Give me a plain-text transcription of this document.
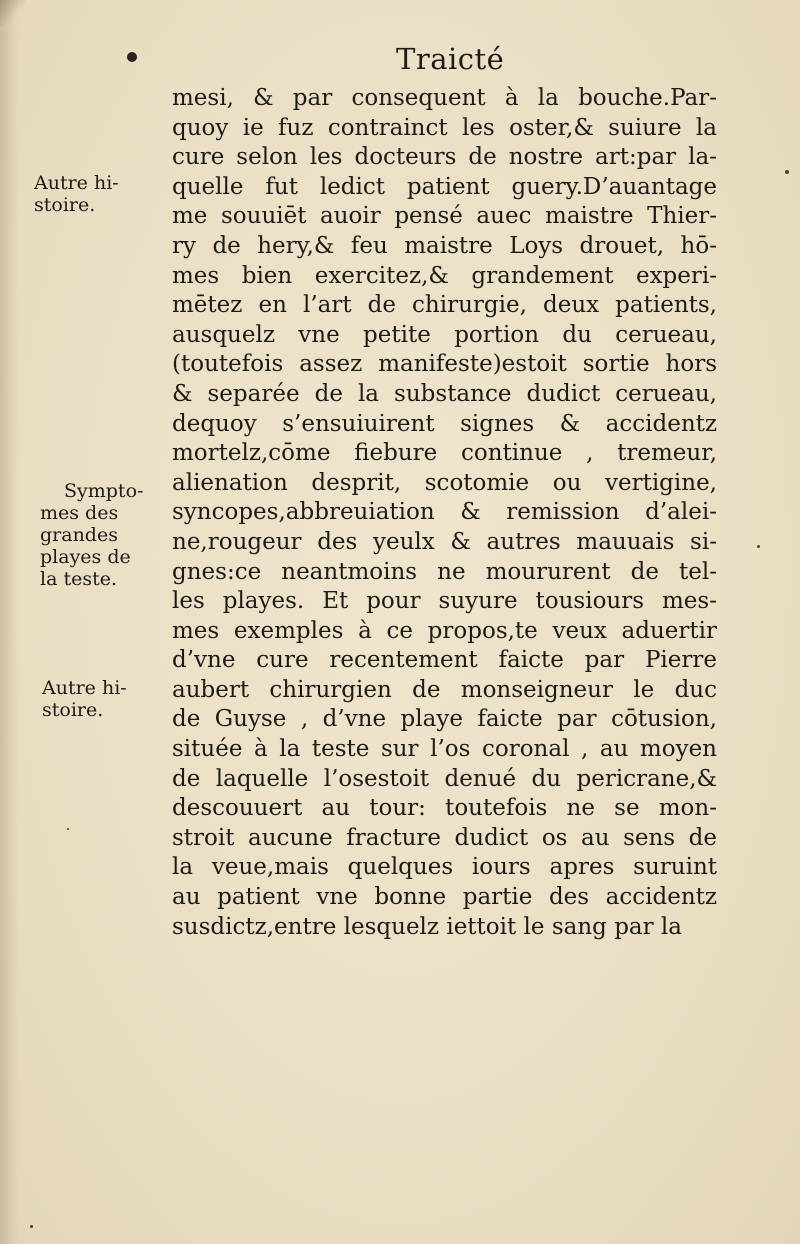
Traicté
mesi, & par consequent à la bouche.Par-
quoy ie fuz contrainct les oster,& suiure la
cure selon les docteurs de nostre art:par la-
quelle fut ledict patient guery.D’auantage
me souuiēt auoir pensé auec maistre Thier-
ry de hery,& feu maistre Loys drouet, hō-
mes bien exercitez,& grandement experi-
mētez en l’art de chirurgie, deux patients,
ausquelz vne petite portion du cerueau,
(toutefois assez manifeste)estoit sortie hors
& separée de la substance dudict cerueau,
dequoy s’ensuiuirent signes & accidentz
mortelz,cōme fiebure continue , tremeur,
alienation desprit, scotomie ou vertigine,
syncopes,abbreuiation & remission d’alei-
ne,rougeur des yeulx & autres mauuais si-
gnes:ce neantmoins ne moururent de tel-
les playes. Et pour suyure tousiours mes-
mes exemples à ce propos,te veux aduertir
d’vne cure recentement faicte par Pierre
aubert chirurgien de monseigneur le duc
de Guyse , d’vne playe faicte par cōtusion,
située à la teste sur l’os coronal , au moyen
de laquelle l’osestoit denué du pericrane,&
descouuert au tour: toutefois ne se mon-
stroit aucune fracture dudict os au sens de
la veue,mais quelques iours apres suruint
au patient vne bonne partie des accidentz
susdictz,entre lesquelz iettoit le sang par la
Autre hi-
stoire.
Sympto-
mes des
grandes
playes de
la teste.
Autre hi-
stoire.
